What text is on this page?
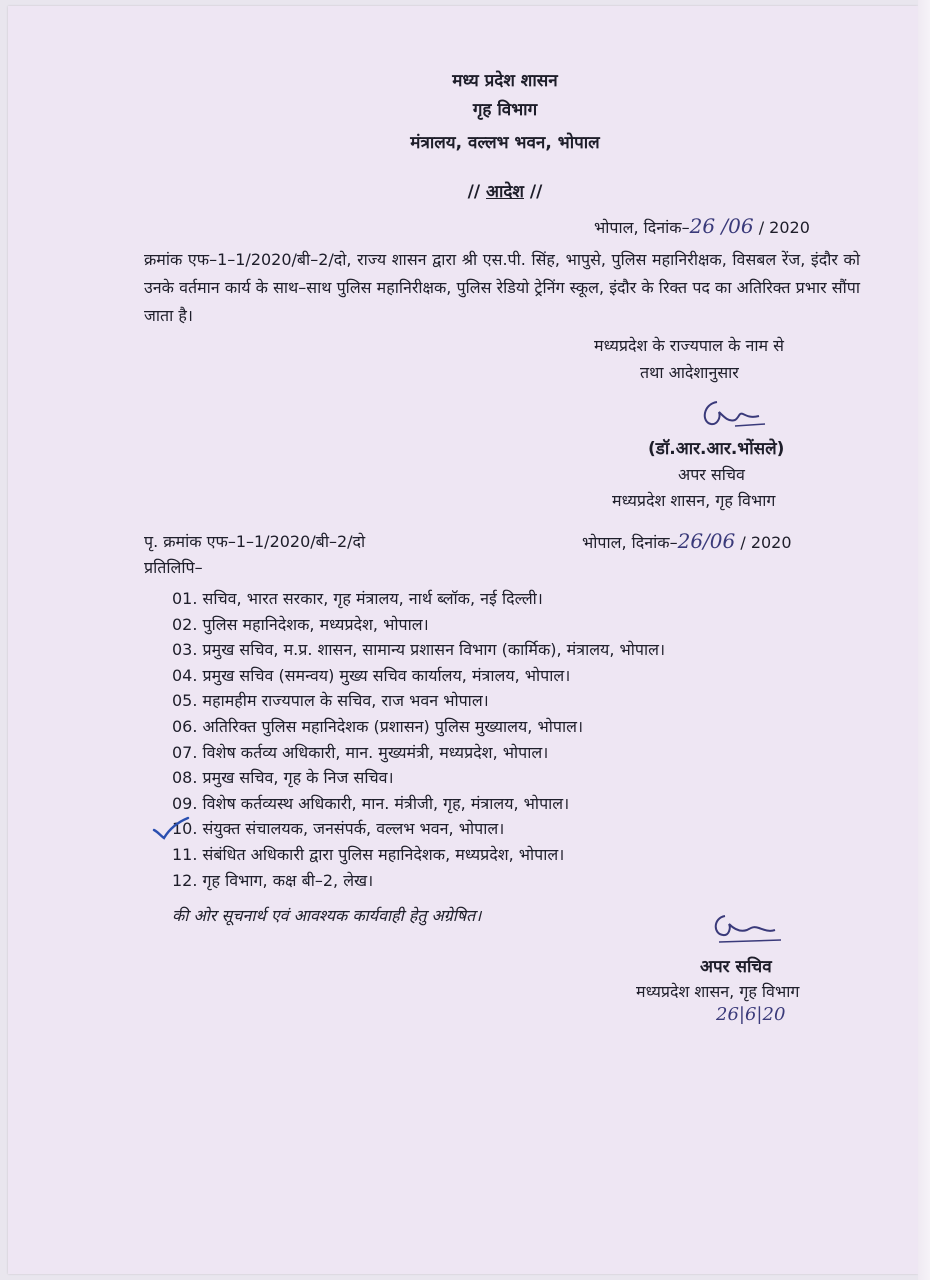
मध्य प्रदेश शासन
गृह विभाग
मंत्रालय, वल्लभ भवन, भोपाल
// आदेश //
भोपाल, दिनांक–26 /06 / 2020
क्रमांक एफ–1–1/2020/बी–2/दो, राज्य शासन द्वारा श्री एस.पी. सिंह, भापुसे, पुलिस महानिरीक्षक, विसबल रेंज, इंदौर को उनके वर्तमान कार्य के साथ–साथ पुलिस महानिरीक्षक, पुलिस रेडियो ट्रेनिंग स्कूल, इंदौर के रिक्त पद का अतिरिक्त प्रभार सौंपा जाता है।
मध्यप्रदेश के राज्यपाल के नाम से
तथा आदेशानुसार
(डॉ.आर.आर.भोंसले)
अपर सचिव
मध्यप्रदेश शासन, गृह विभाग
पृ. क्रमांक एफ–1–1/2020/बी–2/दो	भोपाल, दिनांक–26/06 / 2020
प्रतिलिपि–
01. सचिव, भारत सरकार, गृह मंत्रालय, नार्थ ब्लॉक, नई दिल्ली।
02. पुलिस महानिदेशक, मध्यप्रदेश, भोपाल।
03. प्रमुख सचिव, म.प्र. शासन, सामान्य प्रशासन विभाग (कार्मिक), मंत्रालय, भोपाल।
04. प्रमुख सचिव (समन्वय) मुख्य सचिव कार्यालय, मंत्रालय, भोपाल।
05. महामहीम राज्यपाल के सचिव, राज भवन भोपाल।
06. अतिरिक्त पुलिस महानिदेशक (प्रशासन) पुलिस मुख्यालय, भोपाल।
07. विशेष कर्तव्य अधिकारी, मान. मुख्यमंत्री, मध्यप्रदेश, भोपाल।
08. प्रमुख सचिव, गृह के निज सचिव।
09. विशेष कर्तव्यस्थ अधिकारी, मान. मंत्रीजी, गृह, मंत्रालय, भोपाल।
10. संयुक्त संचालयक, जनसंपर्क, वल्लभ भवन, भोपाल।
11. संबंधित अधिकारी द्वारा पुलिस महानिदेशक, मध्यप्रदेश, भोपाल।
12. गृह विभाग, कक्ष बी–2, लेख।
की ओर सूचनार्थ एवं आवश्यक कार्यवाही हेतु अग्रेषित।
अपर सचिव
मध्यप्रदेश शासन, गृह विभाग
26|6|20
